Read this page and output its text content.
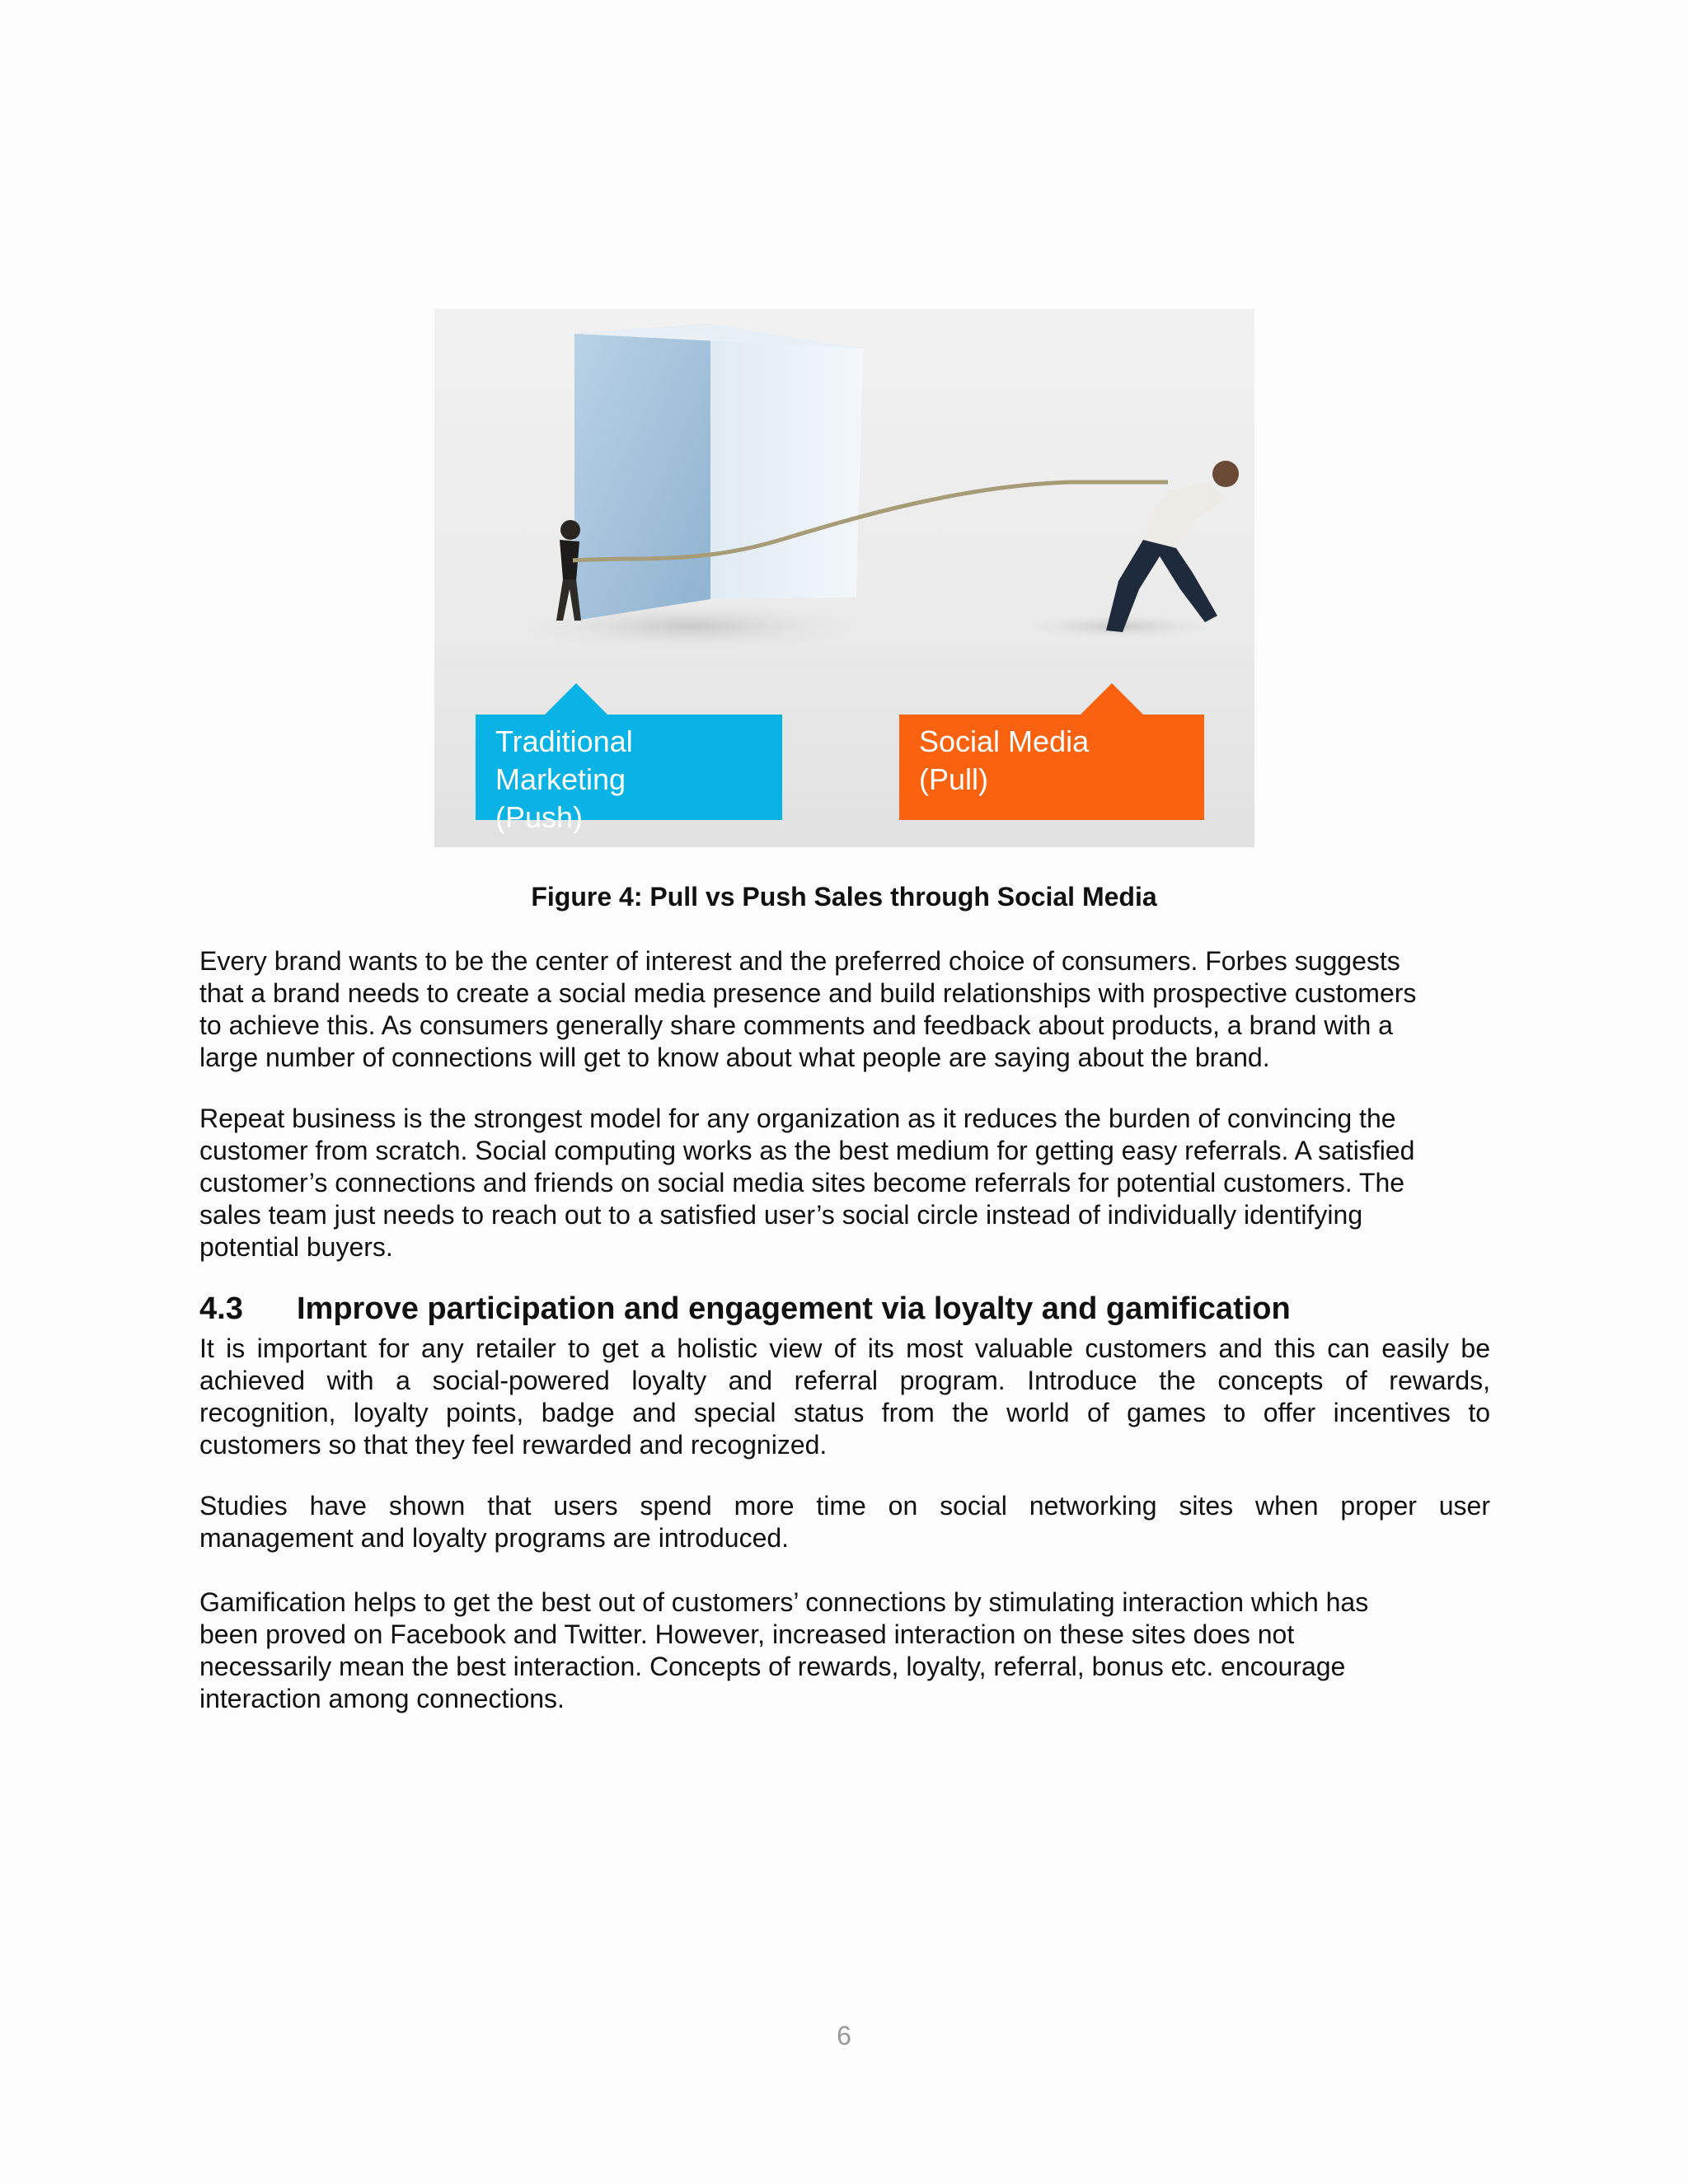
Traditional Marketing
(Push)
Social Media
(Pull)
Figure 4: Pull vs Push Sales through Social Media
Every brand wants to be the center of interest and the preferred choice of consumers. Forbes suggests
that a brand needs to create a social media presence and build relationships with prospective customers
to achieve this. As consumers generally share comments and feedback about products, a brand with a
large number of connections will get to know about what people are saying about the brand.
Repeat business is the strongest model for any organization as it reduces the burden of convincing the
customer from scratch. Social computing works as the best medium for getting easy referrals. A satisfied
customer’s connections and friends on social media sites become referrals for potential customers. The
sales team just needs to reach out to a satisfied user’s social circle instead of individually identifying
potential buyers.
4.3 Improve participation and engagement via loyalty and gamification
It is important for any retailer to get a holistic view of its most valuable customers and this can easily be
achieved with a social-powered loyalty and referral program. Introduce the concepts of rewards,
recognition, loyalty points, badge and special status from the world of games to offer incentives to
customers so that they feel rewarded and recognized.
Studies have shown that users spend more time on social networking sites when proper user
management and loyalty programs are introduced.
Gamification helps to get the best out of customers’ connections by stimulating interaction which has
been proved on Facebook and Twitter. However, increased interaction on these sites does not
necessarily mean the best interaction. Concepts of rewards, loyalty, referral, bonus etc. encourage
interaction among connections.
6
